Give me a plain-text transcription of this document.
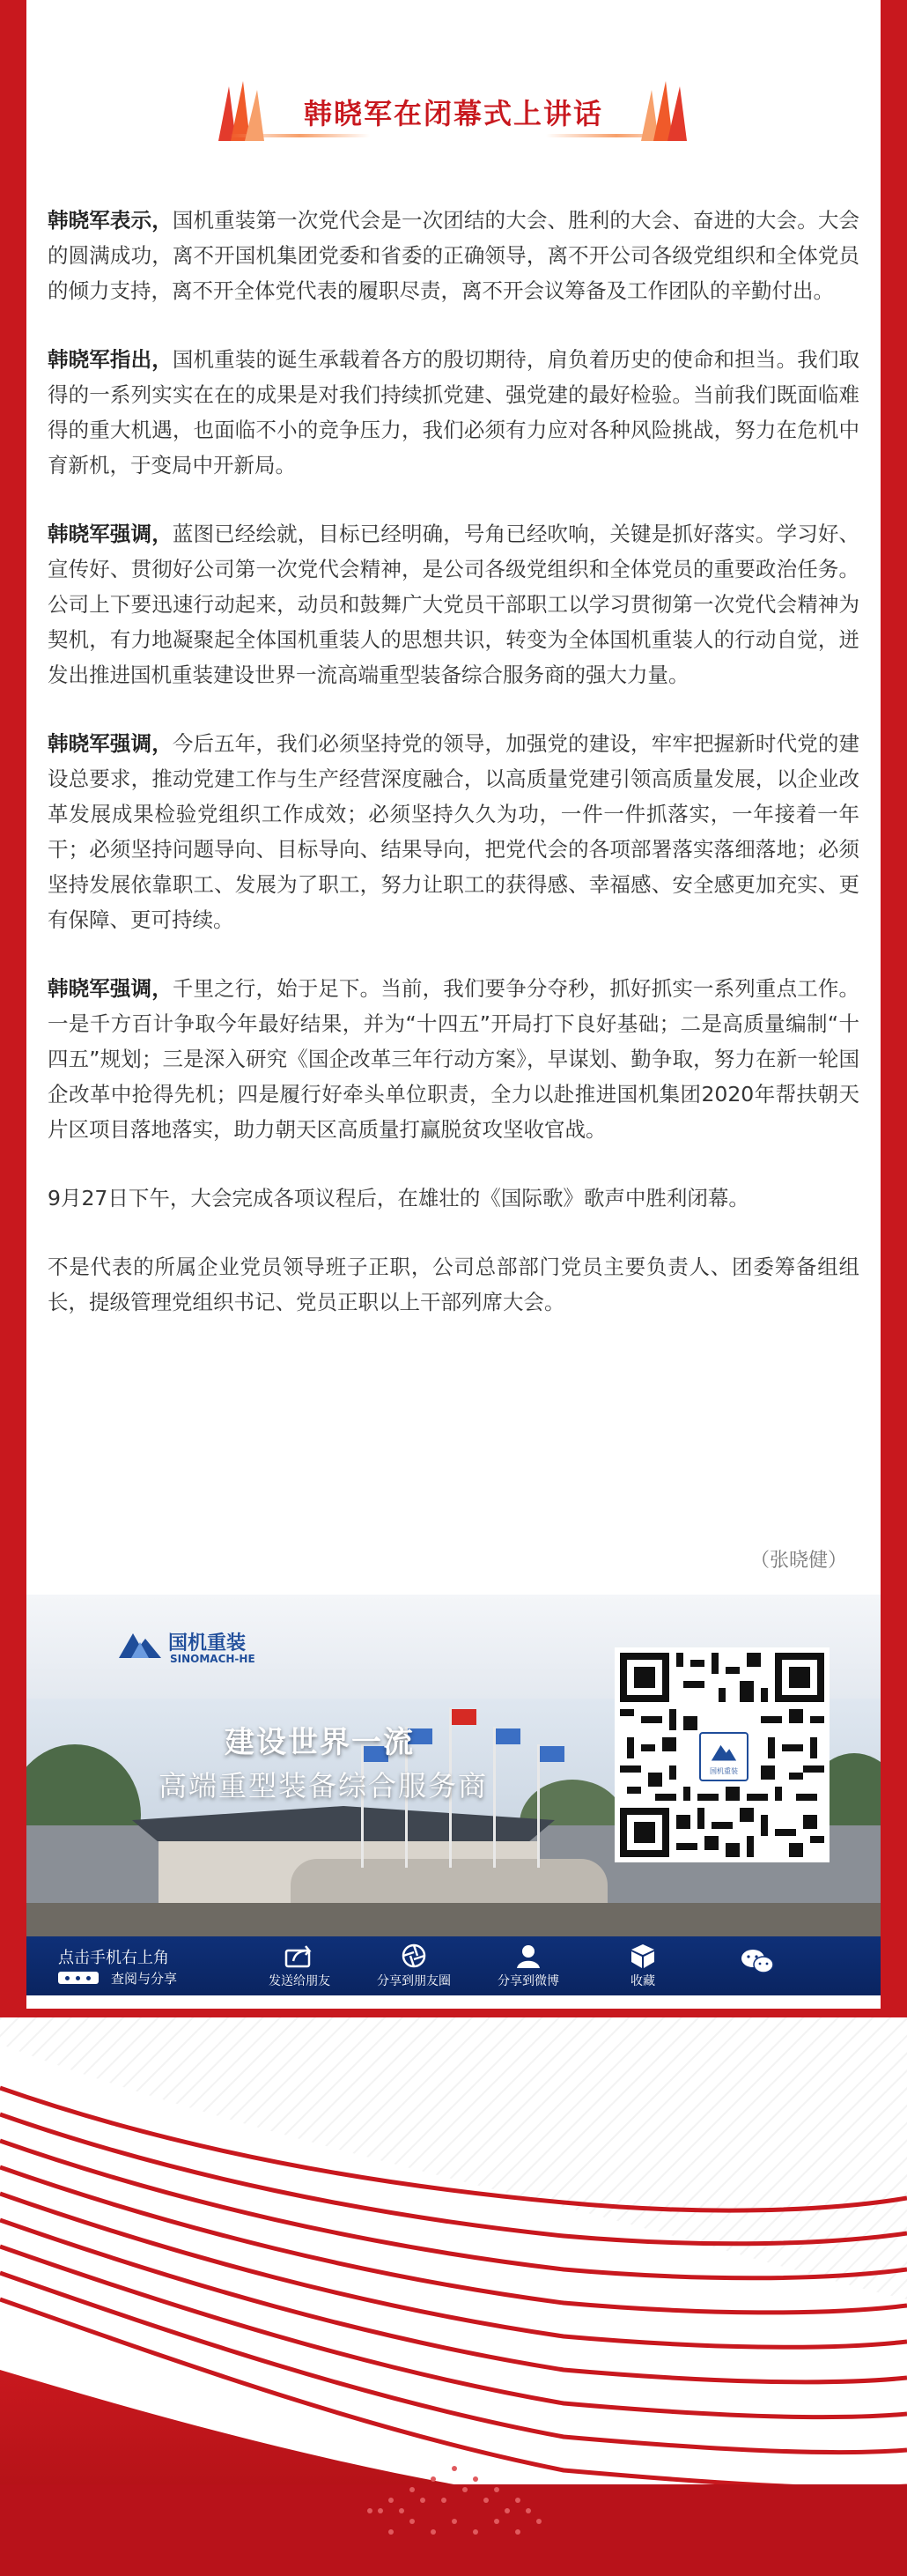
韩晓军在闭幕式上讲话

韩晓军表示，国机重装第一次党代会是一次团结的大会、胜利的大会、奋进的大会。大会的圆满成功，离不开国机集团党委和省委的正确领导，离不开公司各级党组织和全体党员的倾力支持，离不开全体党代表的履职尽责，离不开会议筹备及工作团队的辛勤付出。

韩晓军指出，国机重装的诞生承载着各方的殷切期待，肩负着历史的使命和担当。我们取得的一系列实实在在的成果是对我们持续抓党建、强党建的最好检验。当前我们既面临难得的重大机遇，也面临不小的竞争压力，我们必须有力应对各种风险挑战，努力在危机中育新机，于变局中开新局。

韩晓军强调，蓝图已经绘就，目标已经明确，号角已经吹响，关键是抓好落实。学习好、宣传好、贯彻好公司第一次党代会精神，是公司各级党组织和全体党员的重要政治任务。公司上下要迅速行动起来，动员和鼓舞广大党员干部职工以学习贯彻第一次党代会精神为契机，有力地凝聚起全体国机重装人的思想共识，转变为全体国机重装人的行动自觉，迸发出推进国机重装建设世界一流高端重型装备综合服务商的强大力量。

韩晓军强调，今后五年，我们必须坚持党的领导，加强党的建设，牢牢把握新时代党的建设总要求，推动党建工作与生产经营深度融合，以高质量党建引领高质量发展，以企业改革发展成果检验党组织工作成效；必须坚持久久为功，一件一件抓落实，一年接着一年干；必须坚持问题导向、目标导向、结果导向，把党代会的各项部署落实落细落地；必须坚持发展依靠职工、发展为了职工，努力让职工的获得感、幸福感、安全感更加充实、更有保障、更可持续。

韩晓军强调，千里之行，始于足下。当前，我们要争分夺秒，抓好抓实一系列重点工作。一是千方百计争取今年最好结果，并为“十四五”开局打下良好基础；二是高质量编制“十四五”规划；三是深入研究《国企改革三年行动方案》，早谋划、勤争取，努力在新一轮国企改革中抢得先机；四是履行好牵头单位职责，全力以赴推进国机集团2020年帮扶朝天片区项目落地落实，助力朝天区高质量打赢脱贫攻坚收官战。

9月27日下午，大会完成各项议程后，在雄壮的《国际歌》歌声中胜利闭幕。

不是代表的所属企业党员领导班子正职，公司总部部门党员主要负责人、团委筹备组组长，提级管理党组织书记、党员正职以上干部列席大会。

（张晓健）
国机重装
SINOMACH-HE
建设世界一流
高端重型装备综合服务商	国机重装
点击手机右上角
查阅与分享	发送给朋友	分享到朋友圈	分享到微博	收藏
